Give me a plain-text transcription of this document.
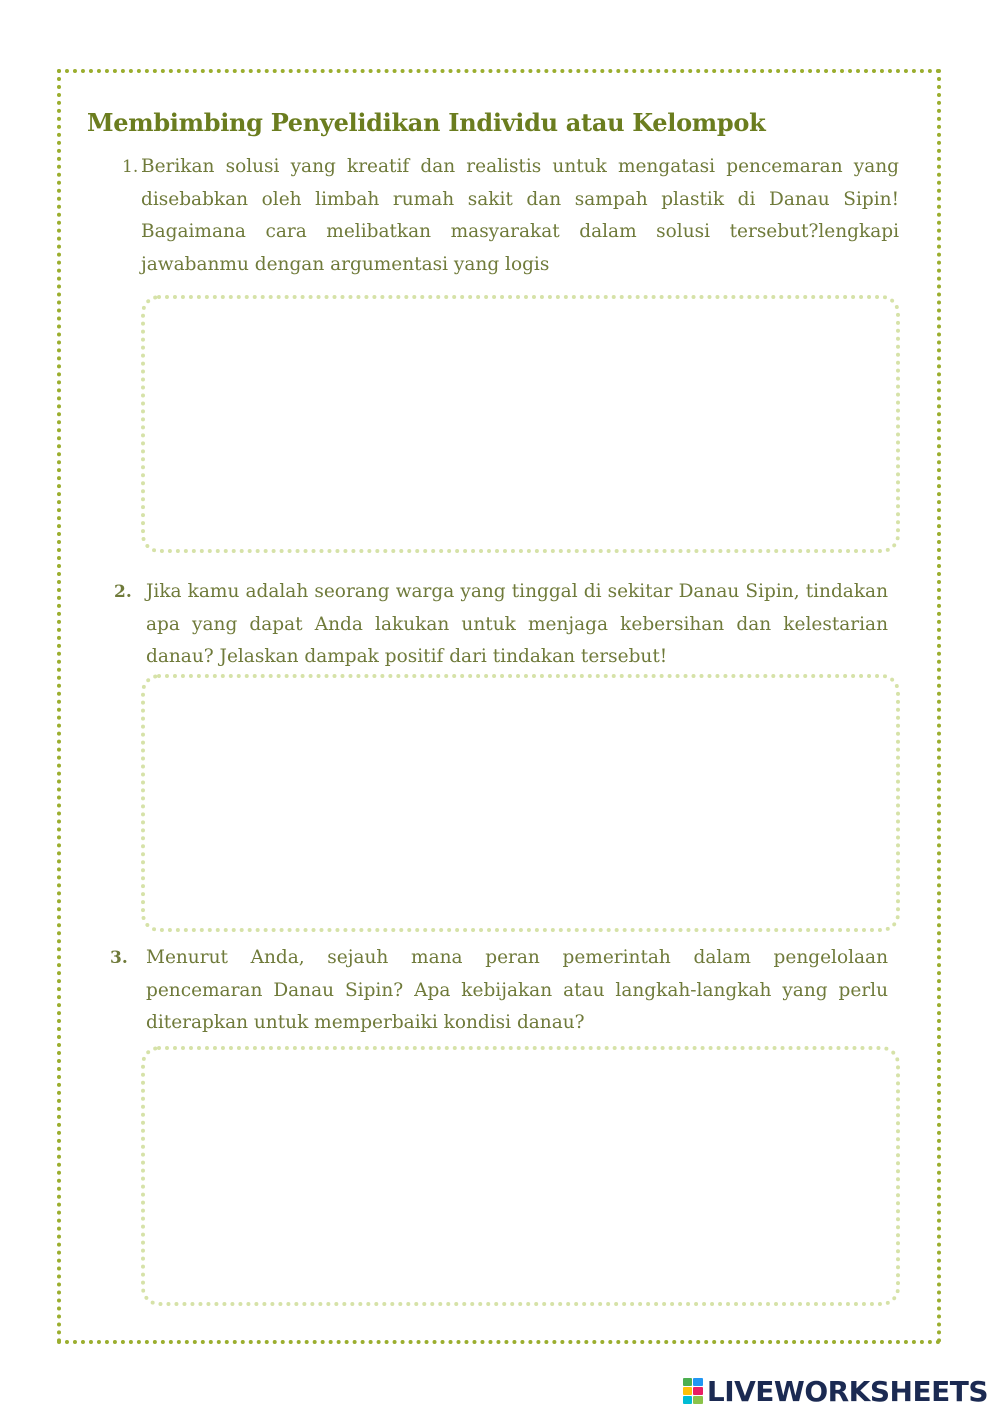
Membimbing Penyelidikan Individu atau Kelompok
1. Berikan solusi yang kreatif dan realistis untuk mengatasi pencemaran yang disebabkan oleh limbah rumah sakit dan sampah plastik di Danau Sipin! Bagaimana cara melibatkan masyarakat dalam solusi tersebut?lengkapi jawabanmu dengan argumentasi yang logis

2. Jika kamu adalah seorang warga yang tinggal di sekitar Danau Sipin, tindakan apa yang dapat Anda lakukan untuk menjaga kebersihan dan kelestarian danau? Jelaskan dampak positif dari tindakan tersebut!

3. Menurut Anda, sejauh mana peran pemerintah dalam pengelolaan pencemaran Danau Sipin? Apa kebijakan atau langkah-langkah yang perlu diterapkan untuk memperbaiki kondisi danau?

LIVEWORKSHEETS
